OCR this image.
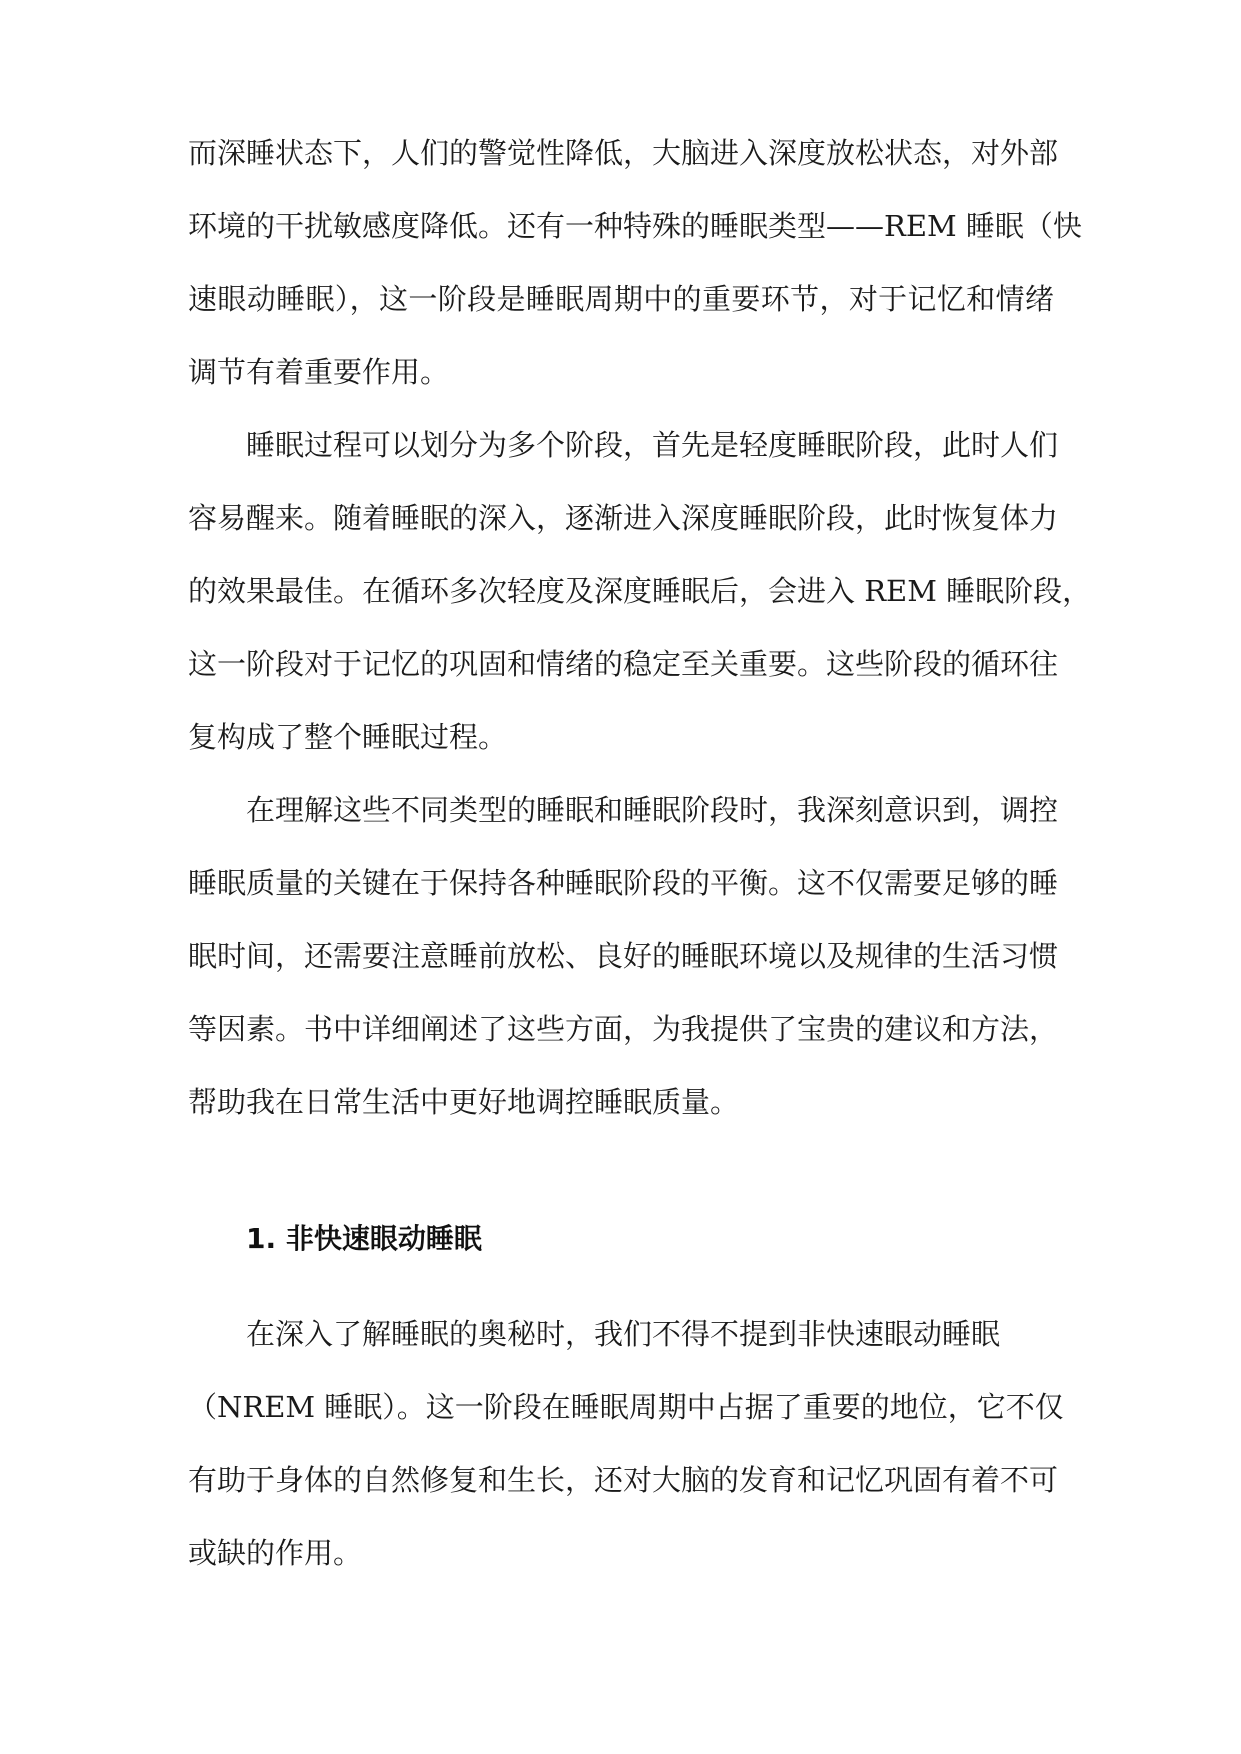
而深睡状态下，人们的警觉性降低，大脑进入深度放松状态，对外部
环境的干扰敏感度降低。还有一种特殊的睡眠类型——REM 睡眠（快
速眼动睡眠），这一阶段是睡眠周期中的重要环节，对于记忆和情绪
调节有着重要作用。
睡眠过程可以划分为多个阶段，首先是轻度睡眠阶段，此时人们
容易醒来。随着睡眠的深入，逐渐进入深度睡眠阶段，此时恢复体力
的效果最佳。在循环多次轻度及深度睡眠后，会进入 REM 睡眠阶段，
这一阶段对于记忆的巩固和情绪的稳定至关重要。这些阶段的循环往
复构成了整个睡眠过程。
在理解这些不同类型的睡眠和睡眠阶段时，我深刻意识到，调控
睡眠质量的关键在于保持各种睡眠阶段的平衡。这不仅需要足够的睡
眠时间，还需要注意睡前放松、良好的睡眠环境以及规律的生活习惯
等因素。书中详细阐述了这些方面，为我提供了宝贵的建议和方法，
帮助我在日常生活中更好地调控睡眠质量。
1. 非快速眼动睡眠
在深入了解睡眠的奥秘时，我们不得不提到非快速眼动睡眠
（NREM 睡眠）。这一阶段在睡眠周期中占据了重要的地位，它不仅
有助于身体的自然修复和生长，还对大脑的发育和记忆巩固有着不可
或缺的作用。
